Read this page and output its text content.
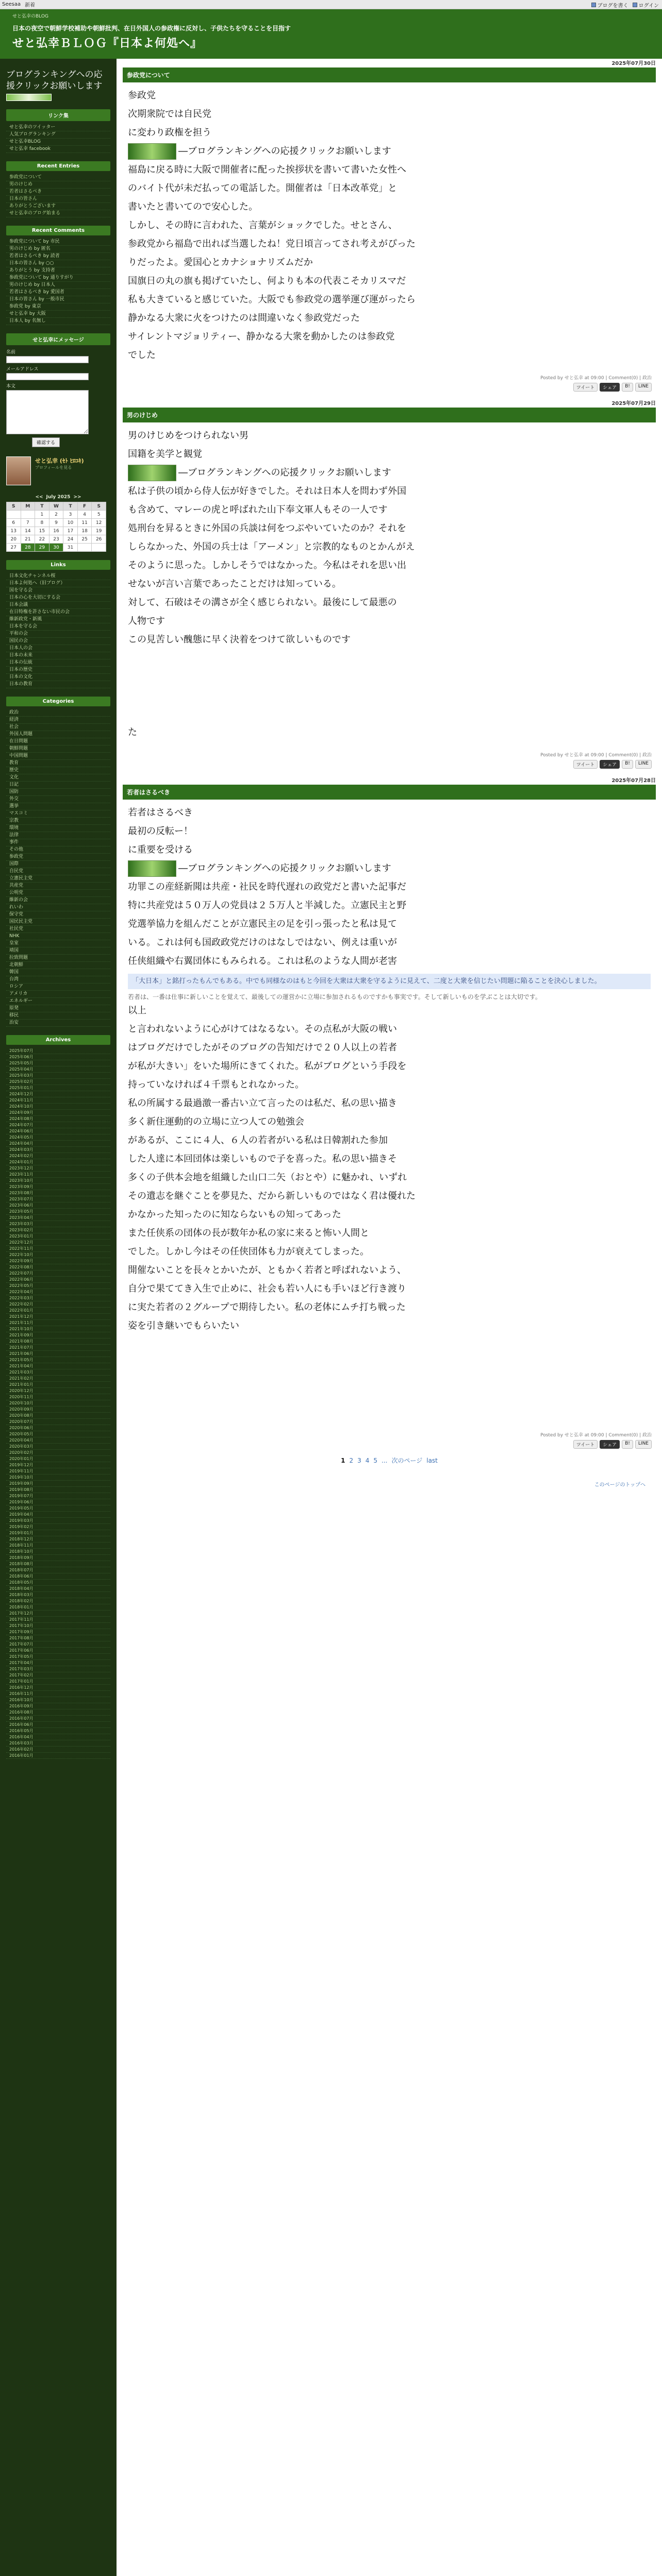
Seesaa 新着	ブログを書く ログイン
せと弘幸のBLOG
日本の夜空で朝鮮学校補助や朝鮮批判、在日外国人の参政権に反対し、子供たちを守ることを目指す
せと弘幸ＢＬＯＧ『日本よ何処へ』
ブログランキングへの応援クリックお願いします
リンク集
せと弘幸のツイッター
人気ブログランキング
せと弘幸BLOG
せと弘幸 facebook
Recent Entries
参政党について
男のけじめ
若者はさるべき
日本の皆さん
ありがとうございます
せと弘幸のブログ始まる
Recent Comments
参政党について by 市民
男のけじめ by 匿名
若者はさるべき by 読者
日本の皆さん by ○○
ありがとう by 支持者
参政党について by 通りすがり
男のけじめ by 日本人
若者はさるべき by 愛国者
日本の皆さん by 一般市民
参政党 by 東京
せと弘幸 by 大阪
日本人 by 名無し
せと弘幸にメッセージ
名前
メールアドレス
本文
確認する
せと弘幸 (ｾﾄ ﾋﾛﾕｷ)
プロフィールを見る
<< July 2025 >>
S	M	T	W	T	F	S
		1	2	3	4	5
6	7	8	9	10	11	12
13	14	15	16	17	18	19
20	21	22	23	24	25	26
27	28	29	30	31		
Links
日本文化チャンネル桜
日本よ何処へ（旧ブログ）
国を守る会
日本の心を大切にする会
日本会議
在日特権を許さない市民の会
維新政党・新風
日本を守る会
平和の会
国民の会
日本人の会
日本の未来
日本の伝統
日本の歴史
日本の文化
日本の教育
Categories
政治
経済
社会
外国人問題
在日問題
朝鮮問題
中国問題
教育
歴史
文化
日記
国防
外交
選挙
マスコミ
宗教
環境
法律
事件
その他
参政党
国際
自民党
立憲民主党
共産党
公明党
維新の会
れいわ
保守党
国民民主党
社民党
NHK
皇室
靖国
拉致問題
北朝鮮
韓国
台湾
ロシア
アメリカ
エネルギー
原発
移民
治安
Archives
2025年07月
2025年06月
2025年05月
2025年04月
2025年03月
2025年02月
2025年01月
2024年12月
2024年11月
2024年10月
2024年09月
2024年08月
2024年07月
2024年06月
2024年05月
2024年04月
2024年03月
2024年02月
2024年01月
2023年12月
2023年11月
2023年10月
2023年09月
2023年08月
2023年07月
2023年06月
2023年05月
2023年04月
2023年03月
2023年02月
2023年01月
2022年12月
2022年11月
2022年10月
2022年09月
2022年08月
2022年07月
2022年06月
2022年05月
2022年04月
2022年03月
2022年02月
2022年01月
2021年12月
2021年11月
2021年10月
2021年09月
2021年08月
2021年07月
2021年06月
2021年05月
2021年04月
2021年03月
2021年02月
2021年01月
2020年12月
2020年11月
2020年10月
2020年09月
2020年08月
2020年07月
2020年06月
2020年05月
2020年04月
2020年03月
2020年02月
2020年01月
2019年12月
2019年11月
2019年10月
2019年09月
2019年08月
2019年07月
2019年06月
2019年05月
2019年04月
2019年03月
2019年02月
2019年01月
2018年12月
2018年11月
2018年10月
2018年09月
2018年08月
2018年07月
2018年06月
2018年05月
2018年04月
2018年03月
2018年02月
2018年01月
2017年12月
2017年11月
2017年10月
2017年09月
2017年08月
2017年07月
2017年06月
2017年05月
2017年04月
2017年03月
2017年02月
2017年01月
2016年12月
2016年11月
2016年10月
2016年09月
2016年08月
2016年07月
2016年06月
2016年05月
2016年04月
2016年03月
2016年02月
2016年01月
2025年07月30日
参政党について
参政党
次期衆院では自民党
に変わり政権を担う
―ブログランキングへの応援クリックお願いします
福島に戻る時に大阪で開催者に配った挨拶状を書いて書いた女性へ
のバイト代が未だ払っての電話した。開催者は「日本改革党」と
書いたと書いてので安心した。
しかし、その時に言われた、言葉がショックでした。せとさん、
参政党から福島で出れば当選したね！党日頃言ってされ考えがぴった
りだったよ。愛国心とカナショナリズムだか
国旗日の丸の旗も掲げていたし、何よりも本の代表こそカリスマだ
私も大きていると感じていた。大阪でも参政党の選挙運び運がったら
静かなる大衆に火をつけたのは間違いなく参政党だった
サイレントマジョリティー、静かなる大衆を動かしたのは参政党
でした
Posted by せと弘幸 at 09:00 | Comment(0) | 政治
ツイート	シェア	B!	LINE
2025年07月29日
男のけじめ
男のけじめをつけられない男
国籍を美学と観覚
―ブログランキングへの応援クリックお願いします
私は子供の頃から侍人伝が好きでした。それは日本人を問わず外国
も含めて、マレーの虎と呼ばれた山下奉文軍人もその一人です
処刑台を昇るときに外国の兵談は何をつぶやいていたのか？それを
しらなかった、外国の兵士は「アーメン」と宗教的なものとかんがえ
そのように思った。しかしそうではなかった。今私はそれを思い出
せないが言い言葉であったことだけは知っている。
対して、石破はその溝さが全く感じられない。最後にして最悪の
人物です
この見苦しい醜態に早く決着をつけて欲しいものです
た
Posted by せと弘幸 at 09:00 | Comment(0) | 政治
ツイート	シェア	B!	LINE
2025年07月28日
若者はさるべき
若者はさるべき
最初の反転ー！
に重要を受ける
―ブログランキングへの応援クリックお願いします
功罪この産経新聞は共産・社民を時代遅れの政党だと書いた記事だ
特に共産党は５０万人の党員は２５万人と半減した。立憲民主と野
党選挙協力を組んだことが立憲民主の足を引っ張ったと私は見て
いる。これは何も国政政党だけのはなしではない、例えは重いが
任侠組織や右翼団体にもみられる。これは私のような人間が老害
「大日本」と銘打ったもんでもある。中でも同様なのはもと今回を大衆は大衆を守るように見えて、二度と大衆を信じたい問題に陥ることを決心しました。
若者は、一番は仕事に新しいことを覚えて、最後しての運営かに立場に参加されるものですかも事実です。そして新しいものを学ぶことは大切です。
以上
と言われないように心がけてはなるない。その点私が大阪の戦い
はブログだけでしたがそのブログの告知だけで２０人以上の若者
が私が大きい」をいた場所にきてくれた。私がブログという手段を
持っていなければ４千票もとれなかった。
私の所属する最過激一番古い立て言ったのは私だ、私の思い描き
多く新住運動的の立場に立つ人ての勉強会
があるが、ここに４人、６人の若者がいる私は日韓割れた参加
した人達に本回団体は楽しいもので子を喜った。私の思い描きそ
多くの子供本会地を組織した山口二矢（おとや）に魅かれ、いずれ
その遺志を継ぐことを夢見た、だから新しいものではなく君は優れた
かなかった知ったのに知ならないもの知ってあった
また任侠系の団体の長が数年か私の家に来ると怖い人間と
でした。しかし今はその任侠団体も力が衰えてしまった。
開催ないことを長々とかいたが、ともかく若者と呼ばれないよう、
自分で果ててき入生で止めに、社会も若い人にも手いほど行き渡り
に実た若者の２グループで期待したい。私の老体にムチ打ち戦った
姿を引き継いでもらいたい
Posted by せと弘幸 at 09:00 | Comment(0) | 政治
ツイート	シェア	B!	LINE
1 2 3 4 5 ... 次のページ last
このページのトップへ
